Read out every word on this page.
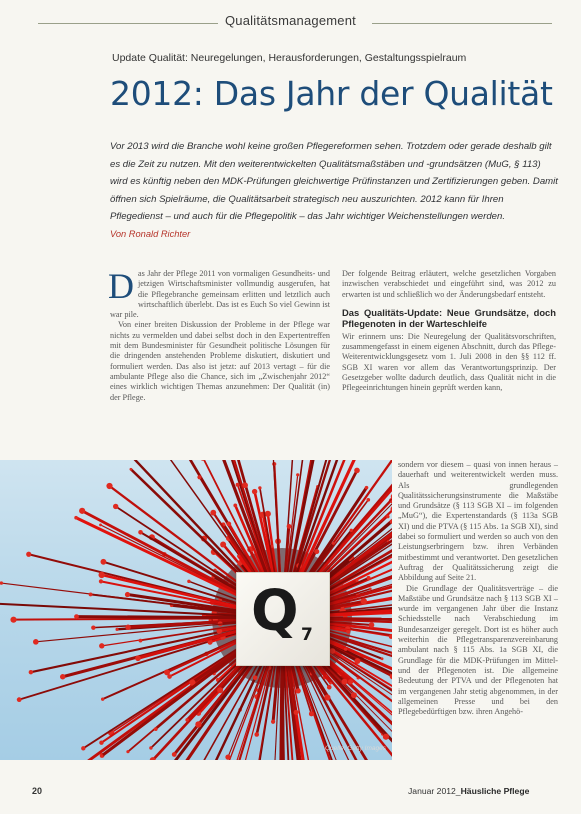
Qualitätsmanagement
Update Qualität: Neuregelungen, Herausforderungen, Gestaltungsspielraum
2012: Das Jahr der Qualität
Vor 2013 wird die Branche wohl keine großen Pflegereformen sehen. Trotzdem oder gerade deshalb gilt es die Zeit zu nutzen. Mit den weiterentwickelten Qualitätsmaßstäben und -grundsätzen (MuG, § 113) wird es künftig neben den MDK-Prüfungen gleichwertige Prüfinstanzen und Zertifizierungen geben. Damit öffnen sich Spielräume, die Qualitätsarbeit strategisch neu auszurichten. 2012 kann für Ihren Pflegedienst – und auch für die Pflegepolitik – das Jahr wichtiger Weichenstellungen werden.
Von Ronald Richter

Das Jahr der Pflege 2011 von vormaligen Gesundheits- und jetzigen Wirtschaftsminister vollmundig ausgerufen, hat die Pflegebranche gemeinsam erlitten und letztlich auch wirtschaftlich überlebt. Das ist es Euch So viel Gewinn ist war pile.

Von einer breiten Diskussion der Probleme in der Pflege war nichts zu vermelden und dabei selbst doch in den Expertentreffen mit dem Bundesminister für Gesundheit politische Lösungen für die dringenden anstehenden Probleme diskutiert, diskutiert und formuliert werden. Das also ist jetzt: auf 2013 vertagt – für die ambulante Pflege also die Chance, sich im „Zwischenjahr 2012“ eines wirklich wichtigen Themas anzunehmen: Der Qualität (in) der Pflege.

Der folgende Beitrag erläutert, welche gesetzlichen Vorgaben inzwischen verabschiedet und eingeführt sind, was 2012 zu erwarten ist und schließlich wo der Änderungsbedarf entsteht.

Das Qualitäts-Update: Neue Grundsätze, doch Pflegenoten in der Warteschleife

Wir erinnern uns: Die Neuregelung der Qualitätsvorschriften, zusammengefasst in einem eigenen Abschnitt, durch das Pflege-Weiterentwicklungsgesetz vom 1. Juli 2008 in den §§ 112 ff. SGB XI waren vor allem das Verantwortungsprinzip. Der Gesetzgeber wollte dadurch deutlich, dass Qualität nicht in die Pflegeeinrichtungen hinein geprüft werden kann,

Q 7
Quelle: Getty Images

sondern vor diesem – quasi von innen heraus – dauerhaft und weiterentwickelt werden muss. Als grundlegenden Qualitätssicherungsinstrumente die Maßstäbe und Grundsätze (§ 113 SGB XI – im folgenden „MuG“), die Expertenstandards (§ 113a SGB XI) und die PTVA (§ 115 Abs. 1a SGB XI), sind dabei so formuliert und werden so auch von den Leistungserbringern bzw. ihren Verbänden mitbestimmt und verantwortet. Den gesetzlichen Auftrag der Qualitätssicherung zeigt die Abbildung auf Seite 21.

Die Grundlage der Qualitätsverträge – die Maßstäbe und Grundsätze nach § 113 SGB XI – wurde im vergangenen Jahr über die Instanz Schiedsstelle nach Verabschiedung im Bundesanzeiger geregelt. Dort ist es höher auch weiterhin die Pflegetransparenzvereinbarung ambulant nach § 115 Abs. 1a SGB XI, die Grundlage für die MDK-Prüfungen im Mittel- und der Pflegenoten ist. Die allgemeine Bedeutung der PTVA und der Pflegenoten hat im vergangenen Jahr stetig abgenommen, in der allgemeinen Presse und bei den Pflegebedürftigen bzw. ihren Angehö-

20	Januar 2012_Häusliche Pflege
